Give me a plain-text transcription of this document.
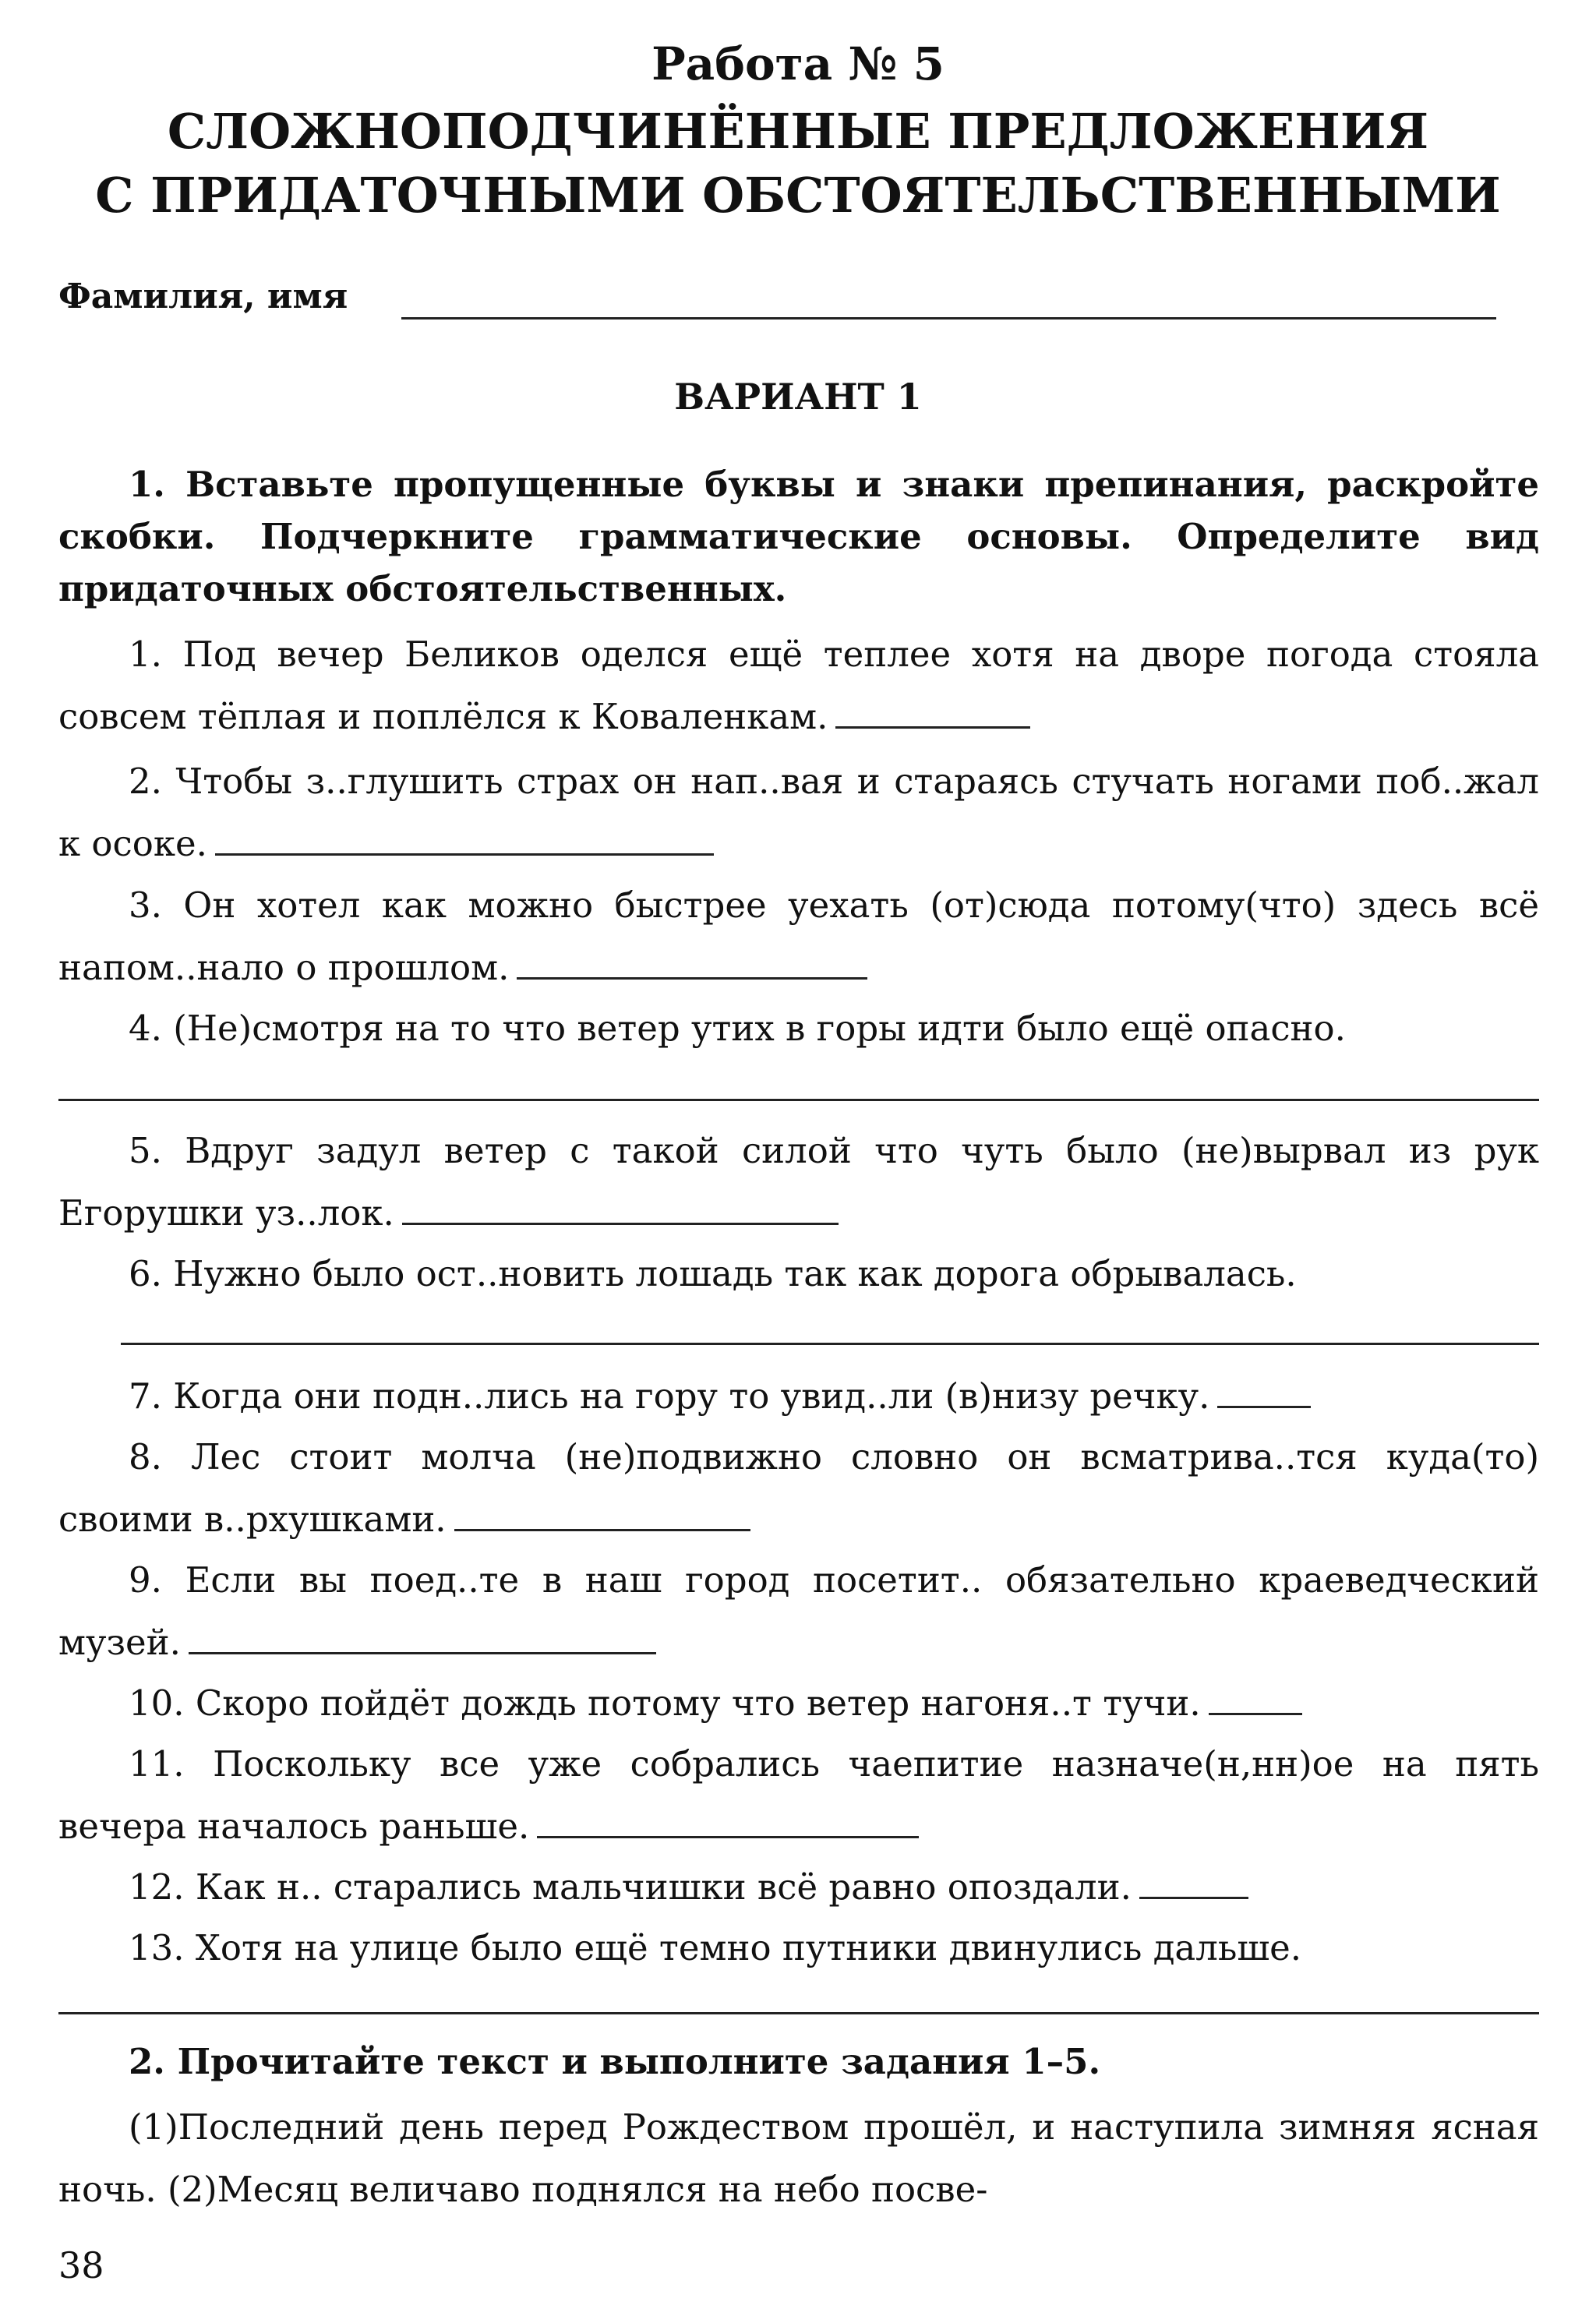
Работа № 5
СЛОЖНОПОДЧИНЁННЫЕ ПРЕДЛОЖЕНИЯ
С ПРИДАТОЧНЫМИ ОБСТОЯТЕЛЬСТВЕННЫМИ
Фамилия, имя
ВАРИАНТ 1
1. Вставьте пропущенные буквы и знаки препинания, раскройте скобки. Подчеркните грамматические основы. Определите вид придаточных обстоятельственных.
1. Под вечер Беликов оделся ещё теплее хотя на дворе погода стояла совсем тёплая и поплёлся к Коваленкам.
2. Чтобы з..глушить страх он нап..вая и стараясь стучать ногами поб..жал к осоке.
3. Он хотел как можно быстрее уехать (от)сюда потому(что) здесь всё напом..нало о прошлом.
4. (Не)смотря на то что ветер утих в горы идти было ещё опасно.
5. Вдруг задул ветер с такой силой что чуть было (не)вырвал из рук Егорушки уз..лок.
6. Нужно было ост..новить лошадь так как дорога обрывалась.
7. Когда они подн..лись на гору то увид..ли (в)низу речку.
8. Лес стоит молча (не)подвижно словно он всматрива..тся куда(то) своими в..рхушками.
9. Если вы поед..те в наш город посетит.. обязательно краеведческий музей.
10. Скоро пойдёт дождь потому что ветер нагоня..т тучи.
11. Поскольку все уже собрались чаепитие назначе(н,нн)ое на пять вечера началось раньше.
12. Как н.. старались мальчишки всё равно опоздали.
13. Хотя на улице было ещё темно путники двинулись дальше.
2. Прочитайте текст и выполните задания 1–5.
(1)Последний день перед Рождеством прошёл, и наступила зимняя ясная ночь. (2)Месяц величаво поднялся на небо посве-
38
